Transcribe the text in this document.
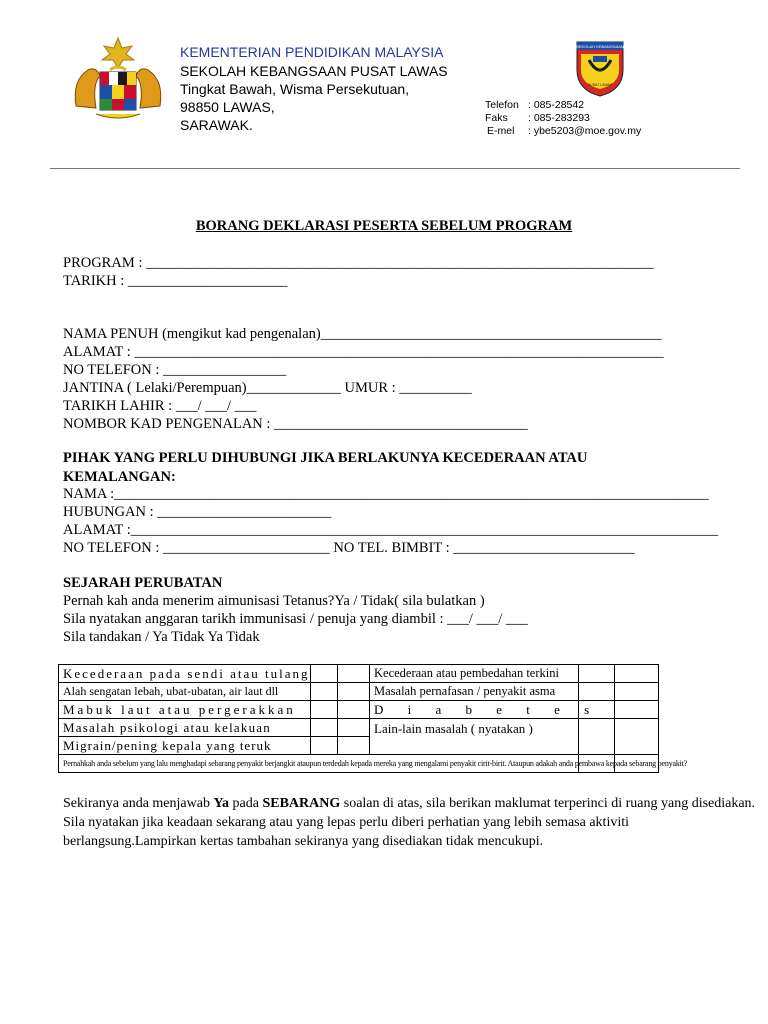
KEMENTERIAN PENDIDIKAN MALAYSIA
SEKOLAH KEBANGSAAN PUSAT LAWAS
Tingkat Bawah, Wisma Persekutuan,
98850 LAWAS,
SARAWAK.
SEKOLAH KEBANGSAAN
PUSAT LAWAS
Telefon : 085-28542
Faks : 085-283293
E-mel : ybe5203@moe.gov.my
BORANG DEKLARASI PESERTA SEBELUM PROGRAM
PROGRAM : ______________________________________________________________________
TARIKH : ______________________
NAMA PENUH (mengikut kad pengenalan)_______________________________________________
ALAMAT : _________________________________________________________________________
NO TELEFON : _________________
JANTINA ( Lelaki/Perempuan)_____________ UMUR : __________
TARIKH LAHIR : ___/ ___/ ___
NOMBOR KAD PENGENALAN : ___________________________________
PIHAK YANG PERLU DIHUBUNGI JIKA BERLAKUNYA KECEDERAAN ATAU
KEMALANGAN:
NAMA :__________________________________________________________________________________
HUBUNGAN : ________________________
ALAMAT :_________________________________________________________________________________
NO TELEFON : _______________________ NO TEL. BIMBIT : _________________________
SEJARAH PERUBATAN
Pernah kah anda menerim aimunisasi Tetanus?Ya / Tidak( sila bulatkan )
Sila nyatakan anggaran tarikh immunisasi / penuja yang diambil : ___/ ___/ ___
Sila tandakan / Ya Tidak Ya Tidak
Kecederaan pada sendi atau tulang			Kecederaan atau pembedahan terkini		
Alah sengatan lebah, ubat-ubatan, air laut dll			Masalah pernafasan / penyakit asma		
Mabuk laut atau pergerakkan			D i a b e t e s		
Masalah psikologi atau kelakuan			Lain-lain masalah ( nyatakan )		
Migrain/pening kepala yang teruk					
Pernahkah anda sebelum yang lalu menghadapi sebarang penyakit berjangkit ataupun terdedah kepada mereka yang mengalami penyakit cirit-birit. Ataupun adakah anda pembawa kepada sebarang penyakit?					
Sekiranya anda menjawab Ya pada SEBARANG soalan di atas, sila berikan maklumat terperinci di ruang yang disediakan. Sila nyatakan jika keadaan sekarang atau yang lepas perlu diberi perhatian yang lebih semasa aktiviti berlangsung.Lampirkan kertas tambahan sekiranya yang disediakan tidak mencukupi.
